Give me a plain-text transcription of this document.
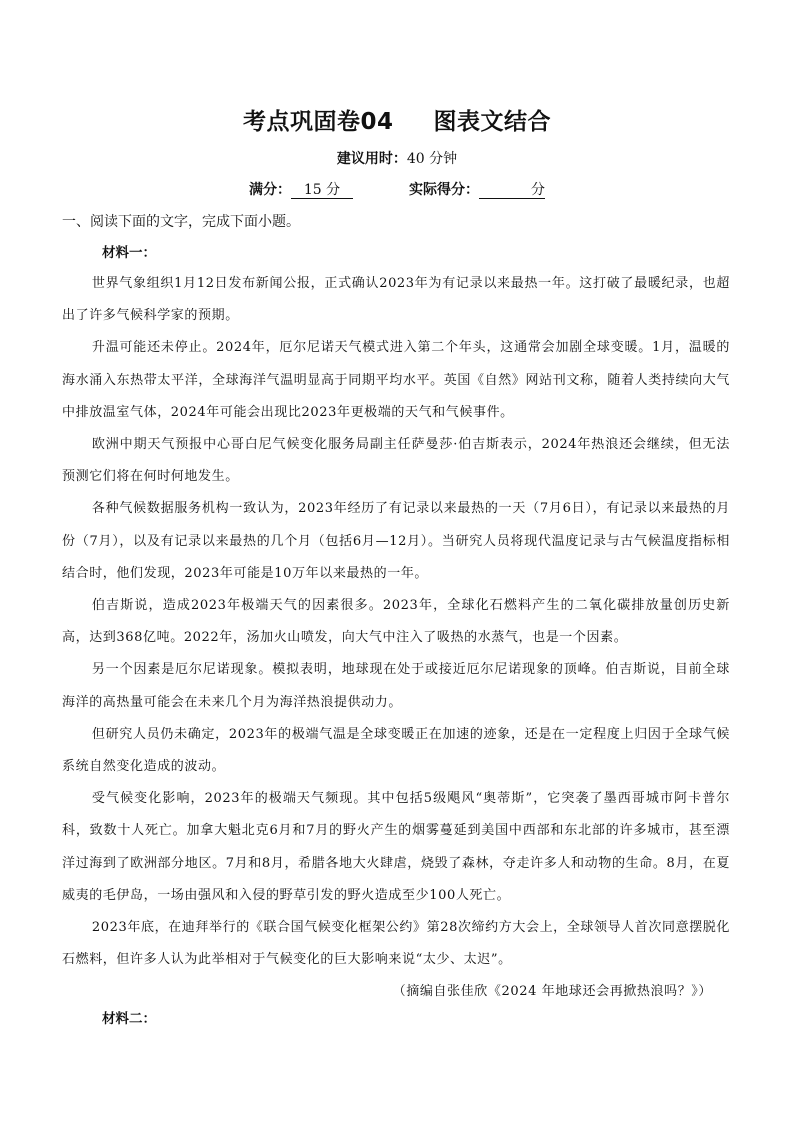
考点巩固卷04 图表文结合
建议用时：40 分钟
满分： 15 分	实际得分：	分
一、阅读下面的文字，完成下面小题。
材料一：

世界气象组织1月12日发布新闻公报，正式确认2023年为有记录以来最热一年。这打破了最暖纪录，也超出了许多气候科学家的预期。

升温可能还未停止。2024年，厄尔尼诺天气模式进入第二个年头，这通常会加剧全球变暖。1月，温暖的海水涌入东热带太平洋，全球海洋气温明显高于同期平均水平。英国《自然》网站刊文称，随着人类持续向大气中排放温室气体，2024年可能会出现比2023年更极端的天气和气候事件。

欧洲中期天气预报中心哥白尼气候变化服务局副主任萨曼莎·伯吉斯表示，2024年热浪还会继续，但无法预测它们将在何时何地发生。

各种气候数据服务机构一致认为，2023年经历了有记录以来最热的一天（7月6日），有记录以来最热的月份（7月），以及有记录以来最热的几个月（包括6月—12月）。当研究人员将现代温度记录与古气候温度指标相结合时，他们发现，2023年可能是10万年以来最热的一年。

伯吉斯说，造成2023年极端天气的因素很多。2023年，全球化石燃料产生的二氧化碳排放量创历史新高，达到368亿吨。2022年，汤加火山喷发，向大气中注入了吸热的水蒸气，也是一个因素。

另一个因素是厄尔尼诺现象。模拟表明，地球现在处于或接近厄尔尼诺现象的顶峰。伯吉斯说，目前全球海洋的高热量可能会在未来几个月为海洋热浪提供动力。

但研究人员仍未确定，2023年的极端气温是全球变暖正在加速的迹象，还是在一定程度上归因于全球气候系统自然变化造成的波动。

受气候变化影响，2023年的极端天气频现。其中包括5级飓风“奥蒂斯”，它突袭了墨西哥城市阿卡普尔科，致数十人死亡。加拿大魁北克6月和7月的野火产生的烟雾蔓延到美国中西部和东北部的许多城市，甚至漂洋过海到了欧洲部分地区。7月和8月，希腊各地大火肆虐，烧毁了森林，夺走许多人和动物的生命。8月，在夏威夷的毛伊岛，一场由强风和入侵的野草引发的野火造成至少100人死亡。

2023年底，在迪拜举行的《联合国气候变化框架公约》第28次缔约方大会上，全球领导人首次同意摆脱化石燃料，但许多人认为此举相对于气候变化的巨大影响来说“太少、太迟”。

（摘编自张佳欣《2024 年地球还会再掀热浪吗？》）

材料二：
